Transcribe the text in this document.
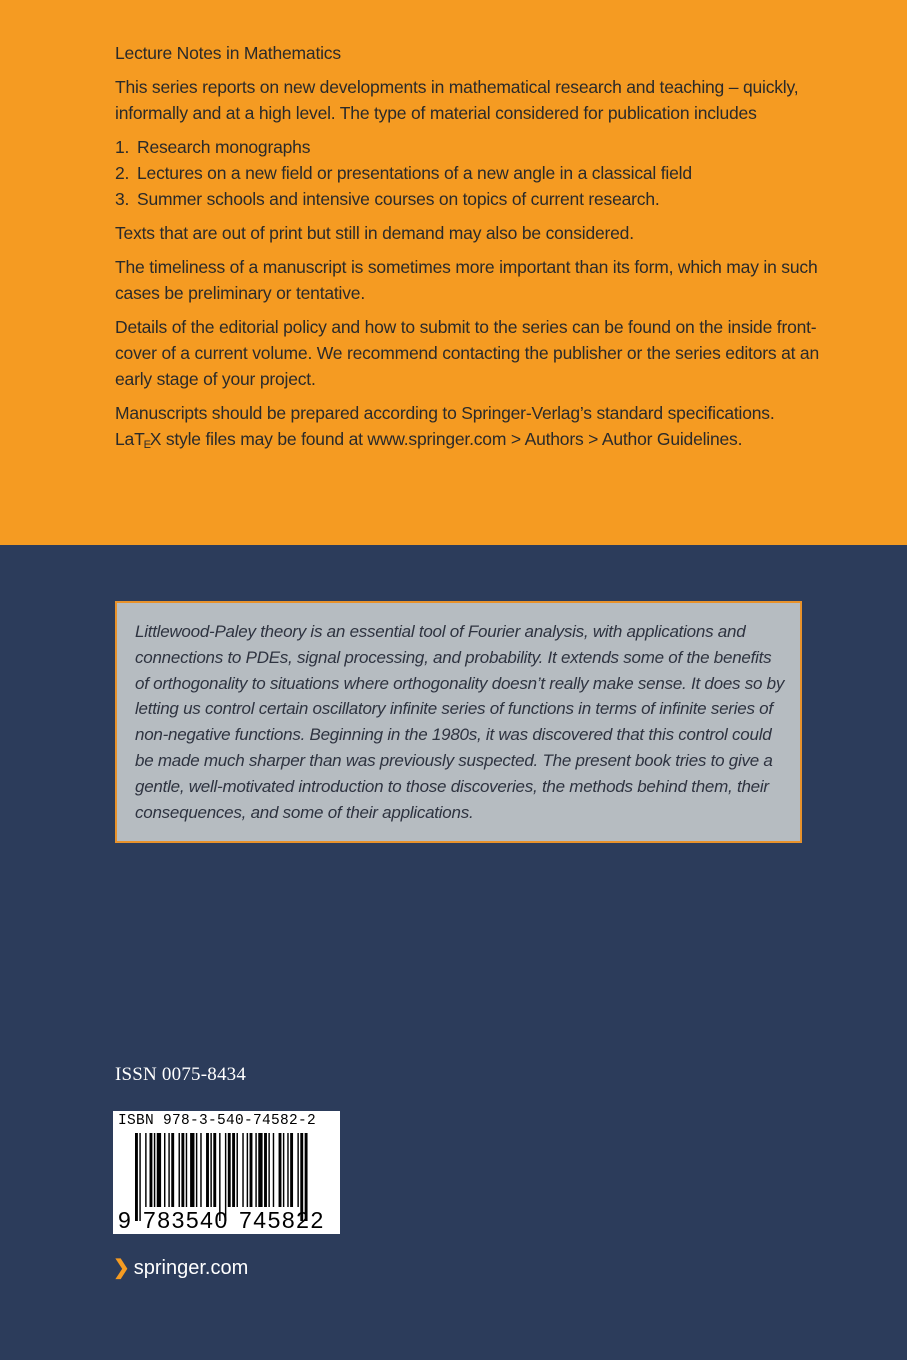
Lecture Notes in Mathematics

This series reports on new developments in mathematical research and teaching – quickly, informally and at a high level. The type of material considered for publication includes

1. Research monographs
2. Lectures on a new field or presentations of a new angle in a classical field
3. Summer schools and intensive courses on topics of current research.

Texts that are out of print but still in demand may also be considered.

The timeliness of a manuscript is sometimes more important than its form, which may in such cases be preliminary or tentative.

Details of the editorial policy and how to submit to the series can be found on the inside front-cover of a current volume. We recommend contacting the publisher or the series editors at an early stage of your project.

Manuscripts should be prepared according to Springer-Verlag’s standard specifications.
LaT$_E$X style files may be found at www.springer.com > Authors > Author Guidelines.

Littlewood-Paley theory is an essential tool of Fourier analysis, with applications and connections to PDEs, signal processing, and probability. It extends some of the benefits of orthogonality to situations where orthogonality doesn’t really make sense. It does so by letting us control certain oscillatory infinite series of functions in terms of infinite series of non-negative functions. Beginning in the 1980s, it was discovered that this control could be made much sharper than was previously suspected. The present book tries to give a gentle, well-motivated introduction to those discoveries, the methods behind them, their consequences, and some of their applications.
ISSN 0075-8434
ISBN 978-3-540-74582-2
9 783540 745822
❯ springer.com
